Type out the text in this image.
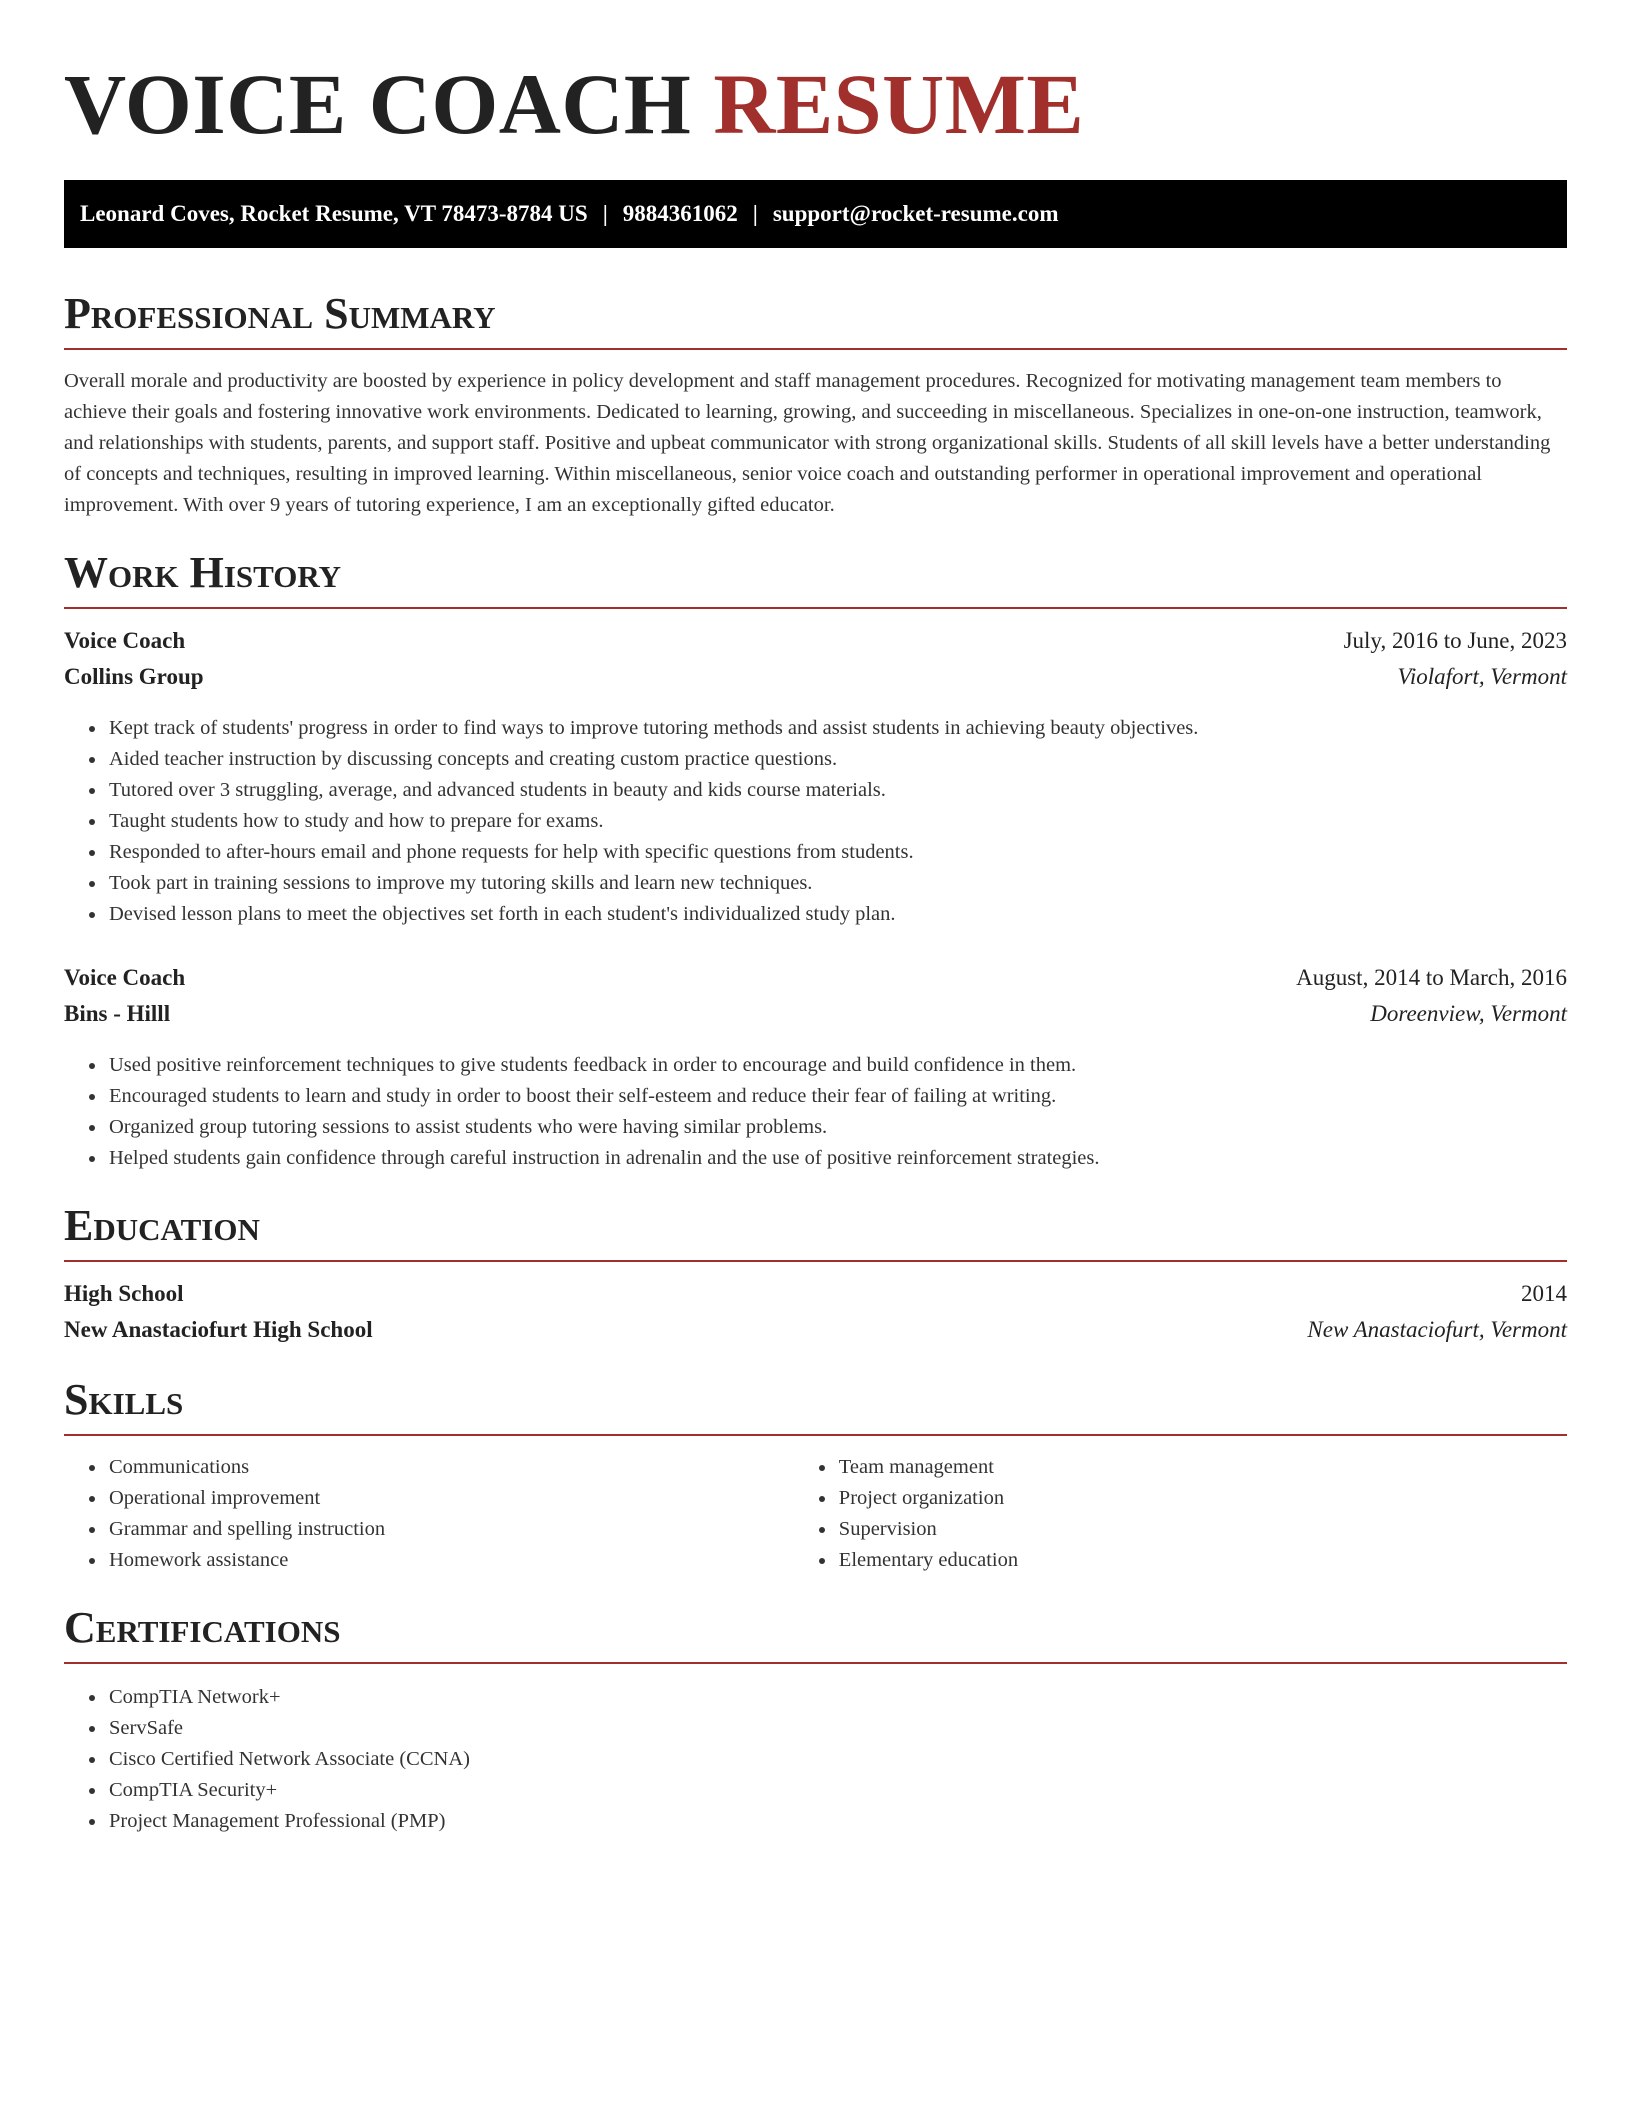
VOICE COACH RESUME
Leonard Coves, Rocket Resume, VT 78473-8784 US | 9884361062 | support@rocket-resume.com
Professional Summary

Overall morale and productivity are boosted by experience in policy development and staff management procedures. Recognized for motivating management team members to achieve their goals and fostering innovative work environments. Dedicated to learning, growing, and succeeding in miscellaneous. Specializes in one-on-one instruction, teamwork, and relationships with students, parents, and support staff. Positive and upbeat communicator with strong organizational skills. Students of all skill levels have a better understanding of concepts and techniques, resulting in improved learning. Within miscellaneous, senior voice coach and outstanding performer in operational improvement and operational improvement. With over 9 years of tutoring experience, I am an exceptionally gifted educator.

Work History
Voice Coach	July, 2016 to June, 2023
Collins Group	Violafort, Vermont
• Kept track of students' progress in order to find ways to improve tutoring methods and assist students in achieving beauty objectives.
• Aided teacher instruction by discussing concepts and creating custom practice questions.
• Tutored over 3 struggling, average, and advanced students in beauty and kids course materials.
• Taught students how to study and how to prepare for exams.
• Responded to after-hours email and phone requests for help with specific questions from students.
• Took part in training sessions to improve my tutoring skills and learn new techniques.
• Devised lesson plans to meet the objectives set forth in each student's individualized study plan.
Voice Coach	August, 2014 to March, 2016
Bins - Hilll	Doreenview, Vermont
• Used positive reinforcement techniques to give students feedback in order to encourage and build confidence in them.
• Encouraged students to learn and study in order to boost their self-esteem and reduce their fear of failing at writing.
• Organized group tutoring sessions to assist students who were having similar problems.
• Helped students gain confidence through careful instruction in adrenalin and the use of positive reinforcement strategies.
Education
High School	2014
New Anastaciofurt High School	New Anastaciofurt, Vermont
Skills
• Communications
• Operational improvement
• Grammar and spelling instruction
• Homework assistance
• Team management
• Project organization
• Supervision
• Elementary education
Certifications
• CompTIA Network+
• ServSafe
• Cisco Certified Network Associate (CCNA)
• CompTIA Security+
• Project Management Professional (PMP)
